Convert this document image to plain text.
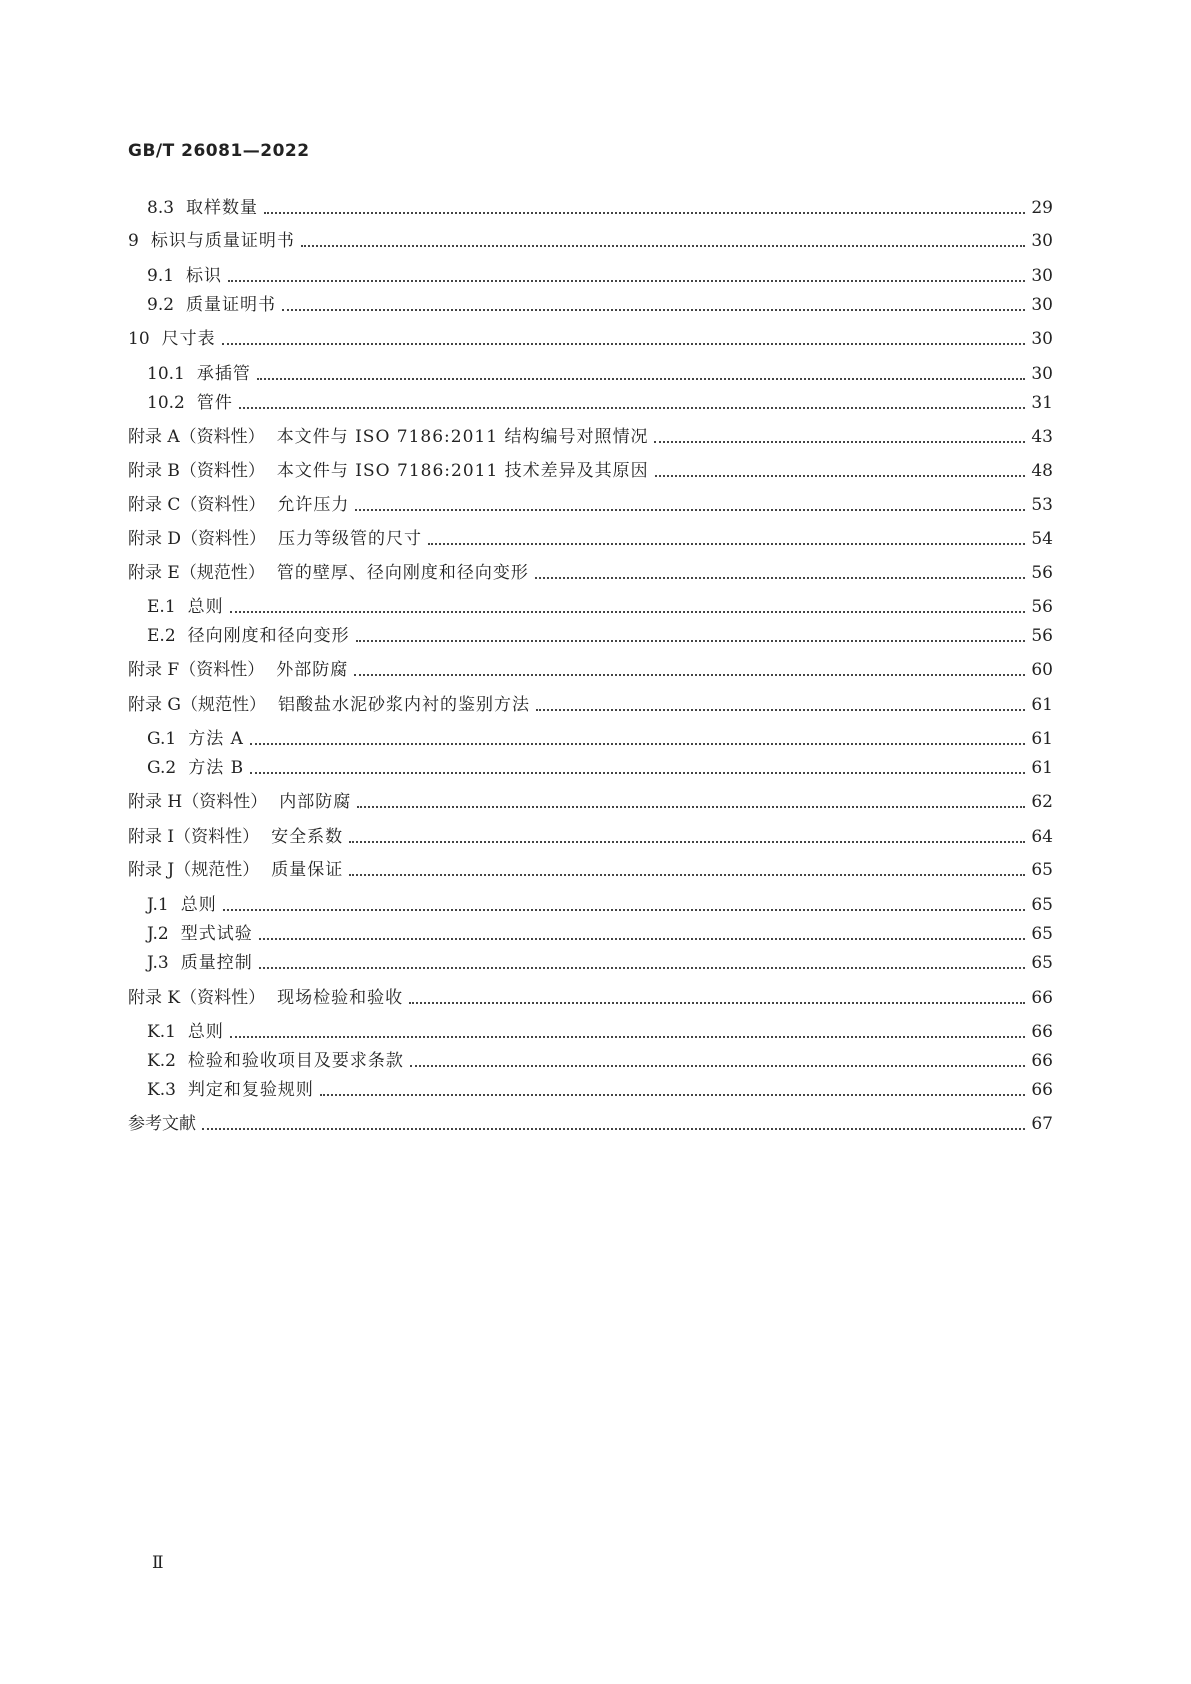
GB/T 26081—2022
8.3 取样数量	29
9 标识与质量证明书	30
9.1 标识	30
9.2 质量证明书	30
10 尺寸表	30
10.1 承插管	30
10.2 管件	31
附录 A（资料性） 本文件与 ISO 7186:2011 结构编号对照情况	43
附录 B（资料性） 本文件与 ISO 7186:2011 技术差异及其原因	48
附录 C（资料性） 允许压力	53
附录 D（资料性） 压力等级管的尺寸	54
附录 E（规范性） 管的壁厚、径向刚度和径向变形	56
E.1 总则	56
E.2 径向刚度和径向变形	56
附录 F（资料性） 外部防腐	60
附录 G（规范性） 铝酸盐水泥砂浆内衬的鉴别方法	61
G.1 方法 A	61
G.2 方法 B	61
附录 H（资料性） 内部防腐	62
附录 I（资料性） 安全系数	64
附录 J（规范性） 质量保证	65
J.1 总则	65
J.2 型式试验	65
J.3 质量控制	65
附录 K（资料性） 现场检验和验收	66
K.1 总则	66
K.2 检验和验收项目及要求条款	66
K.3 判定和复验规则	66
参考文献	67
Ⅱ
